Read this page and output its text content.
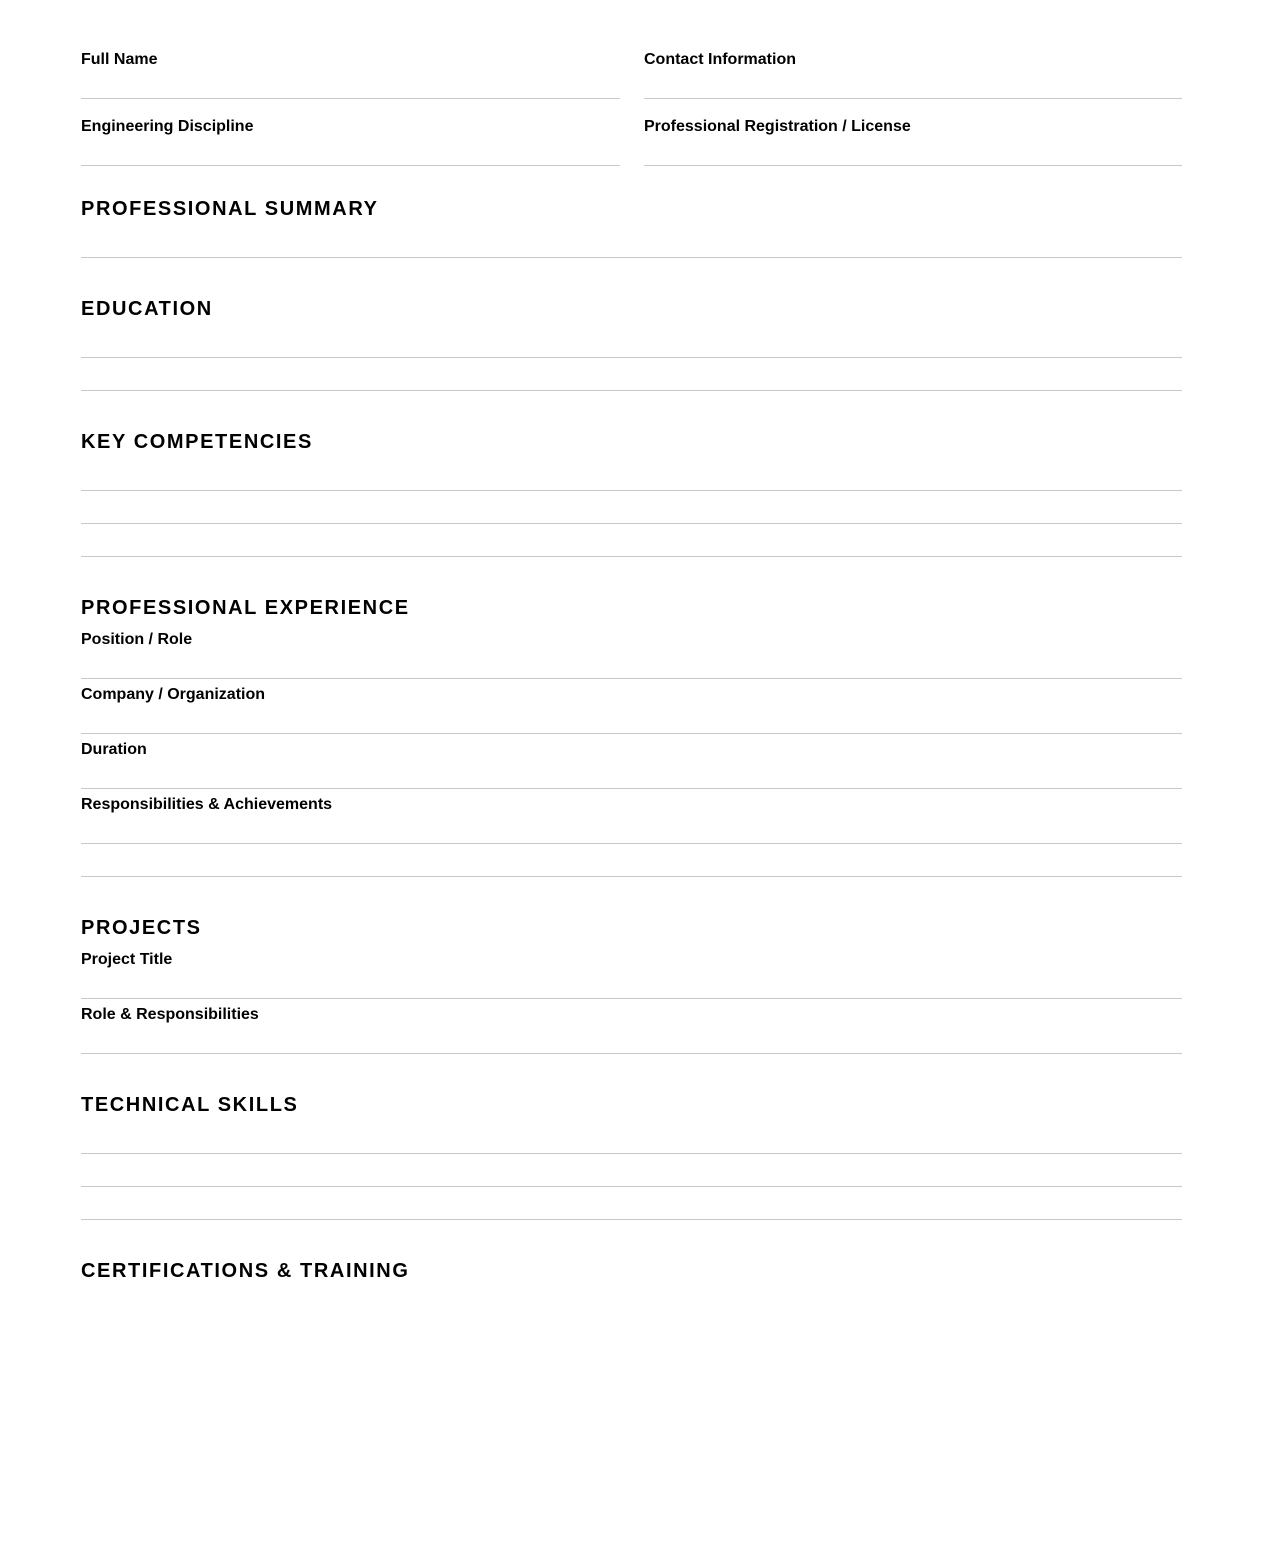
Full Name	Contact Information
Engineering Discipline	Professional Registration / License
PROFESSIONAL SUMMARY
EDUCATION
KEY COMPETENCIES
PROFESSIONAL EXPERIENCE
Position / Role
Company / Organization
Duration
Responsibilities & Achievements
PROJECTS
Project Title
Role & Responsibilities
TECHNICAL SKILLS
CERTIFICATIONS & TRAINING
